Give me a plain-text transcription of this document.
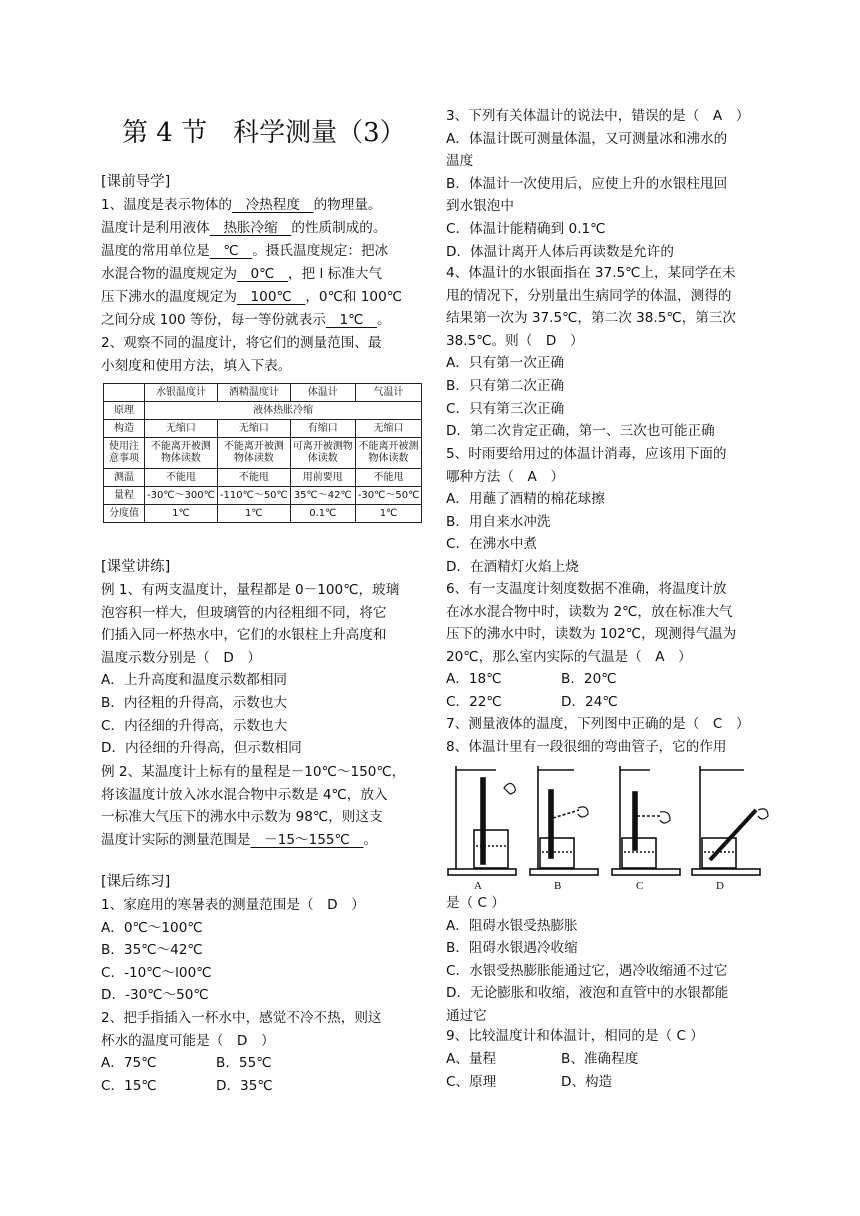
第 4 节　科学测量（3）
[课前导学]
1、温度是表示物体的　冷热程度　的物理量。
温度计是利用液体　热胀冷缩　的性质制成的。
温度的常用单位是　℃　。摄氏温度规定：把冰
水混合物的温度规定为　0℃　，把 l 标准大气
压下沸水的温度规定为　100℃　，0℃和 100℃
之间分成 100 等份，每一等份就表示　1℃　。
2、观察不同的温度计，将它们的测量范围、最
小刻度和使用方法，填入下表。
[课堂讲练]
例 1、有两支温度计，量程都是 0－100℃，玻璃
泡容积一样大，但玻璃管的内径粗细不同，将它
们插入同一杯热水中，它们的水银柱上升高度和
温度示数分别是（　D　）
A．上升高度和温度示数都相同
B．内径粗的升得高，示数也大
C．内径细的升得高，示数也大
D．内径细的升得高，但示数相同
例 2、某温度计上标有的量程是－10℃～150℃，
将该温度计放入冰水混合物中示数是 4℃，放入
一标准大气压下的沸水中示数为 98℃，则这支
温度计实际的测量范围是　－15～155℃　。
[课后练习]
1、家庭用的寒暑表的测量范围是（　D　）
A．0℃～100℃
B．35℃～42℃
C．-10℃～l00℃
D．-30℃～50℃
2、把手指插入一杯水中，感觉不冷不热，则这
杯水的温度可能是（　D　）
A．75℃	B．55℃
C．15℃	D．35℃
	水银温度计	酒精温度计	体温计	气温计
原理	液体热胀冷缩			
构造	无缩口	无缩口	有缩口	无缩口
使用注意事项	不能离开被测物体读数	不能离开被测物体读数	可离开被测物体读数	不能离开被测物体读数
测温	不能甩	不能甩	用前要甩	不能甩
量程	-30℃～300℃	-110℃～50℃	35℃～42℃	-30℃～50℃
分度值	1℃	1℃	0.1℃	1℃
3、下列有关体温计的说法中，错误的是（　A　）
A．体温计既可测量体温，又可测量冰和沸水的
温度
B．体温计一次使用后，应使上升的水银柱甩回
到水银泡中
C．体温计能精确到 0.1℃
D．体温计离开人体后再读数是允许的
4、体温计的水银面指在 37.5℃上，某同学在未
甩的情况下，分别量出生病同学的体温，测得的
结果第一次为 37.5℃，第二次 38.5℃，第三次
38.5℃。则（　D　）
A．只有第一次正确
B．只有第二次正确
C．只有第三次正确
D．第二次肯定正确，第一、三次也可能正确
5、时雨要给用过的体温计消毒，应该用下面的
哪种方法（　A　）
A．用蘸了酒精的棉花球擦
B．用自来水冲洗
C．在沸水中煮
D．在酒精灯火焰上烧
6、有一支温度计刻度数据不准确，将温度计放
在冰水混合物中时，读数为 2℃，放在标准大气
压下的沸水中时，读数为 102℃，现测得气温为
20℃，那么室内实际的气温是（　A　）
A．18℃	B．20℃
C．22℃	D．24℃
7、测量液体的温度，下列图中正确的是（　C　）
8、体温计里有一段很细的弯曲管子，它的作用
是（ C ）
A．阻碍水银受热膨胀
B．阻碍水银遇冷收缩
C．水银受热膨胀能通过它，遇冷收缩通不过它
D．无论膨胀和收缩，液泡和直管中的水银都能
通过它
9、比较温度计和体温计，相同的是（ C ）
A、量程	B、准确程度
C、原理	D、构造
A	B	C	D
